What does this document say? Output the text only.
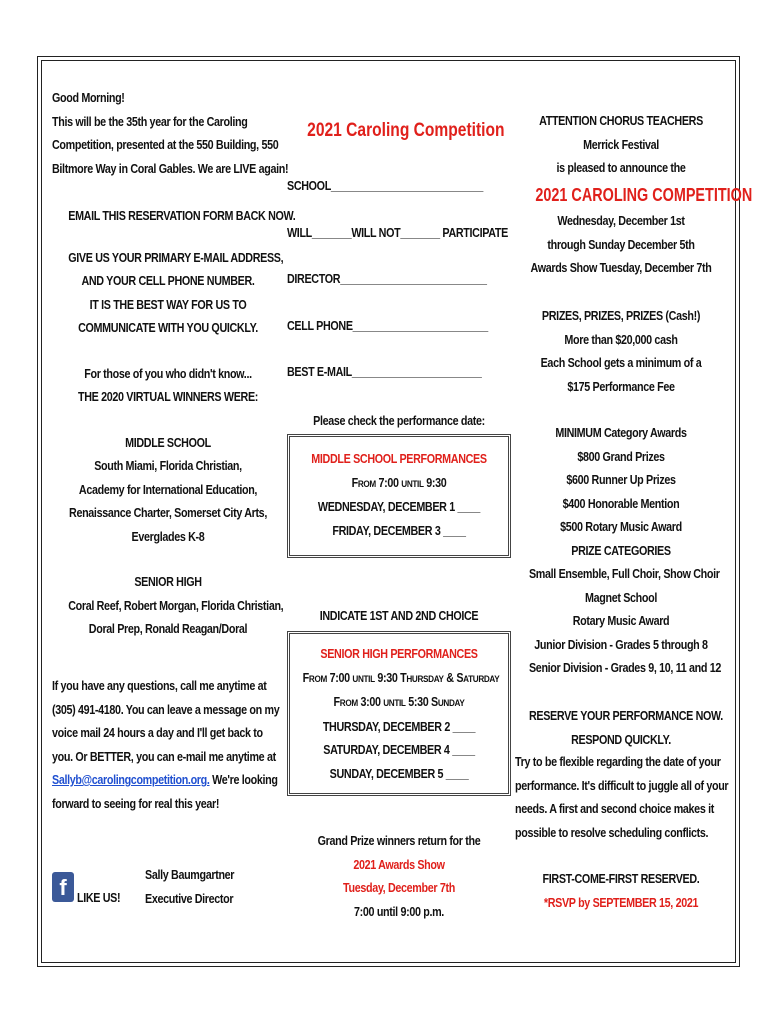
Good Morning!
This will be the 35th year for the Caroling
Competition, presented at the 550 Building, 550
Biltmore Way in Coral Gables. We are LIVE again!
EMAIL THIS RESERVATION FORM BACK NOW.
GIVE US YOUR PRIMARY E-MAIL ADDRESS,
AND YOUR CELL PHONE NUMBER.
IT IS THE BEST WAY FOR US TO
COMMUNICATE WITH YOU QUICKLY.
For those of you who didn't know...
THE 2020 VIRTUAL WINNERS WERE:
MIDDLE SCHOOL
South Miami, Florida Christian,
Academy for International Education,
Renaissance Charter, Somerset City Arts,
Everglades K-8
SENIOR HIGH
Coral Reef, Robert Morgan, Florida Christian,
Doral Prep, Ronald Reagan/Doral
If you have any questions, call me anytime at
(305) 491-4180. You can leave a message on my
voice mail 24 hours a day and I'll get back to
you. Or BETTER, you can e-mail me anytime at
Sallyb@carolingcompetition.org. We're looking
forward to seeing for real this year!
f LIKE US!
Sally Baumgartner
Executive Director
2021 Caroling Competition
SCHOOL___________________________
WILL_______WILL NOT_______ PARTICIPATE
DIRECTOR__________________________
CELL PHONE________________________
BEST E-MAIL_______________________
Please check the performance date:
MIDDLE SCHOOL PERFORMANCES
FROM 7:00 UNTIL 9:30
WEDNESDAY, DECEMBER 1 ____
FRIDAY, DECEMBER 3 ____
INDICATE 1ST AND 2ND CHOICE
SENIOR HIGH PERFORMANCES
FROM 7:00 UNTIL 9:30 THURSDAY & SATURDAY
FROM 3:00 UNTIL 5:30 SUNDAY
THURSDAY, DECEMBER 2 ____
SATURDAY, DECEMBER 4 ____
SUNDAY, DECEMBER 5 ____
Grand Prize winners return for the
2021 Awards Show
Tuesday, December 7th
7:00 until 9:00 p.m.
ATTENTION CHORUS TEACHERS
Merrick Festival
is pleased to announce the
2021 CAROLING COMPETITION
Wednesday, December 1st
through Sunday December 5th
Awards Show Tuesday, December 7th
PRIZES, PRIZES, PRIZES (Cash!)
More than $20,000 cash
Each School gets a minimum of a
$175 Performance Fee
MINIMUM Category Awards
$800 Grand Prizes
$600 Runner Up Prizes
$400 Honorable Mention
$500 Rotary Music Award
PRIZE CATEGORIES
Small Ensemble, Full Choir, Show Choir
Magnet School
Rotary Music Award
Junior Division - Grades 5 through 8
Senior Division - Grades 9, 10, 11 and 12
RESERVE YOUR PERFORMANCE NOW.
RESPOND QUICKLY.
Try to be flexible regarding the date of your
performance. It's difficult to juggle all of your
needs. A first and second choice makes it
possible to resolve scheduling conflicts.
FIRST-COME-FIRST RESERVED.
*RSVP by SEPTEMBER 15, 2021
